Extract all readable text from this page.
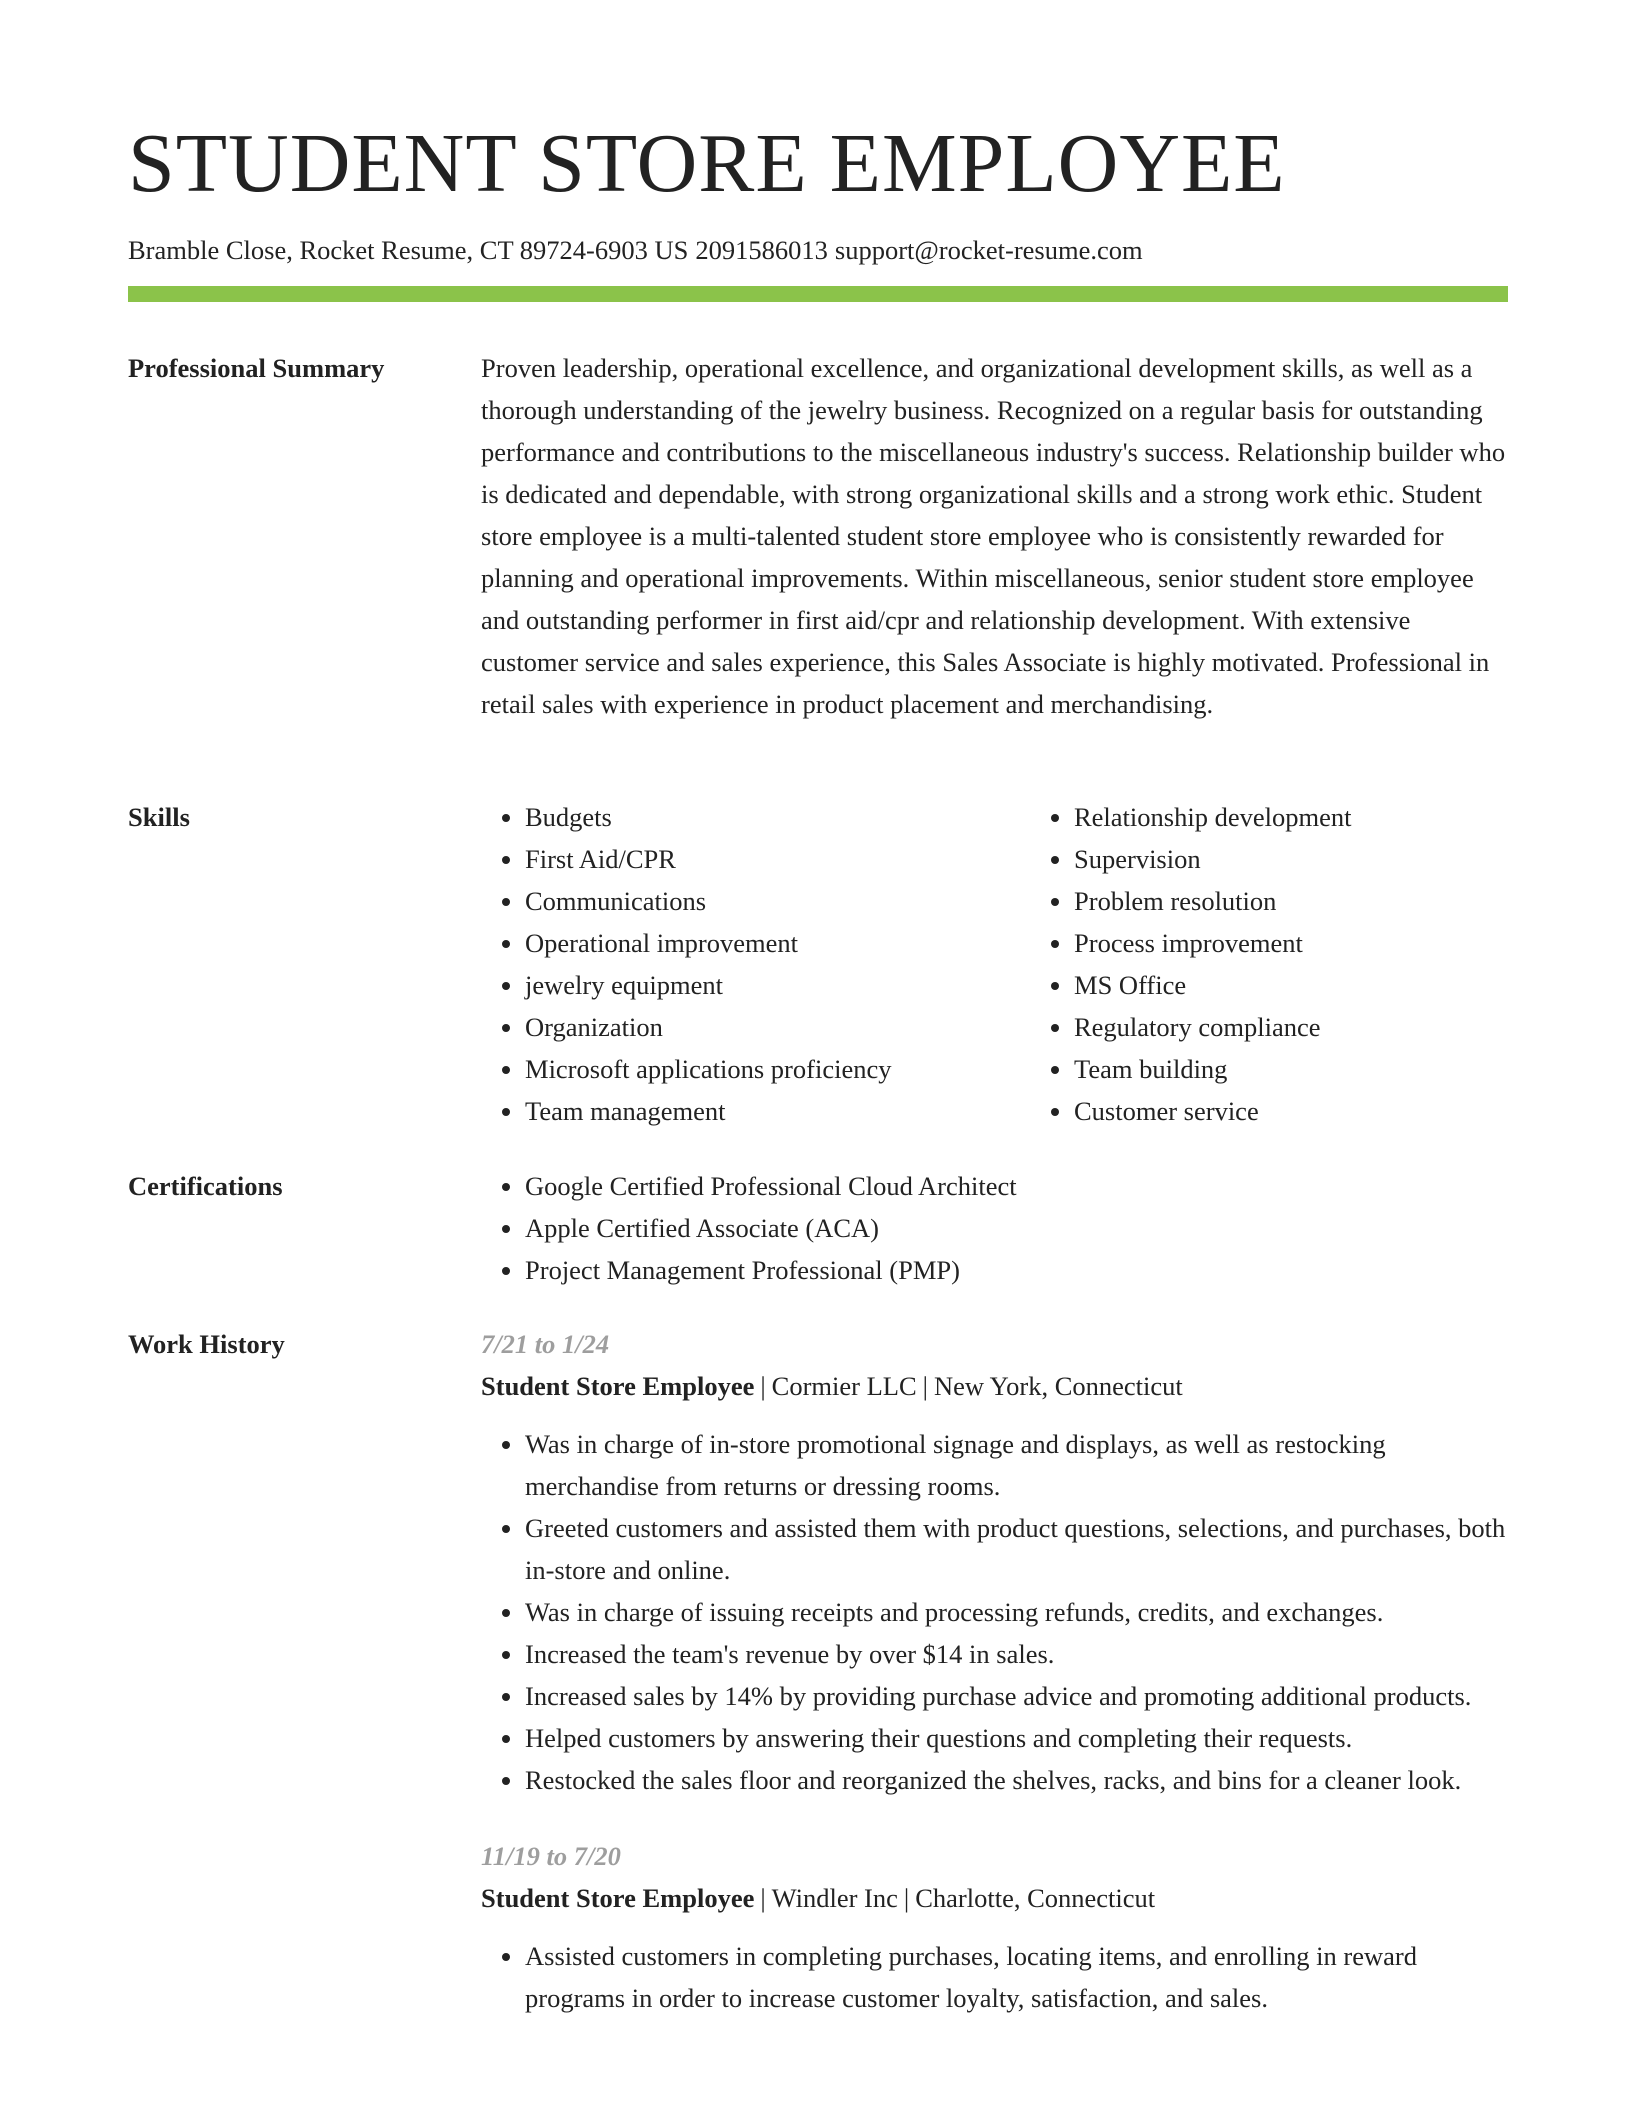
STUDENT STORE EMPLOYEE
Bramble Close, Rocket Resume, CT 89724-6903 US 2091586013 support@rocket-resume.com
Professional Summary	Proven leadership, operational excellence, and organizational development skills, as well as a thorough understanding of the jewelry business. Recognized on a regular basis for outstanding performance and contributions to the miscellaneous industry's success. Relationship builder who is dedicated and dependable, with strong organizational skills and a strong work ethic. Student store employee is a multi-talented student store employee who is consistently rewarded for planning and operational improvements. Within miscellaneous, senior student store employee and outstanding performer in first aid/cpr and relationship development. With extensive customer service and sales experience, this Sales Associate is highly motivated. Professional in retail sales with experience in product placement and merchandising.

Skills	• Budgets
• First Aid/CPR
• Communications
• Operational improvement
• jewelry equipment
• Organization
• Microsoft applications proficiency
• Team management
• Relationship development
• Supervision
• Problem resolution
• Process improvement
• MS Office
• Regulatory compliance
• Team building
• Customer service
Certifications	• Google Certified Professional Cloud Architect
• Apple Certified Associate (ACA)
• Project Management Professional (PMP)
Work History	7/21 to 1/24
Student Store Employee | Cormier LLC | New York, Connecticut
• Was in charge of in-store promotional signage and displays, as well as restocking merchandise from returns or dressing rooms.
• Greeted customers and assisted them with product questions, selections, and purchases, both in-store and online.
• Was in charge of issuing receipts and processing refunds, credits, and exchanges.
• Increased the team's revenue by over $14 in sales.
• Increased sales by 14% by providing purchase advice and promoting additional products.
• Helped customers by answering their questions and completing their requests.
• Restocked the sales floor and reorganized the shelves, racks, and bins for a cleaner look.
11/19 to 7/20
Student Store Employee | Windler Inc | Charlotte, Connecticut
• Assisted customers in completing purchases, locating items, and enrolling in reward programs in order to increase customer loyalty, satisfaction, and sales.
